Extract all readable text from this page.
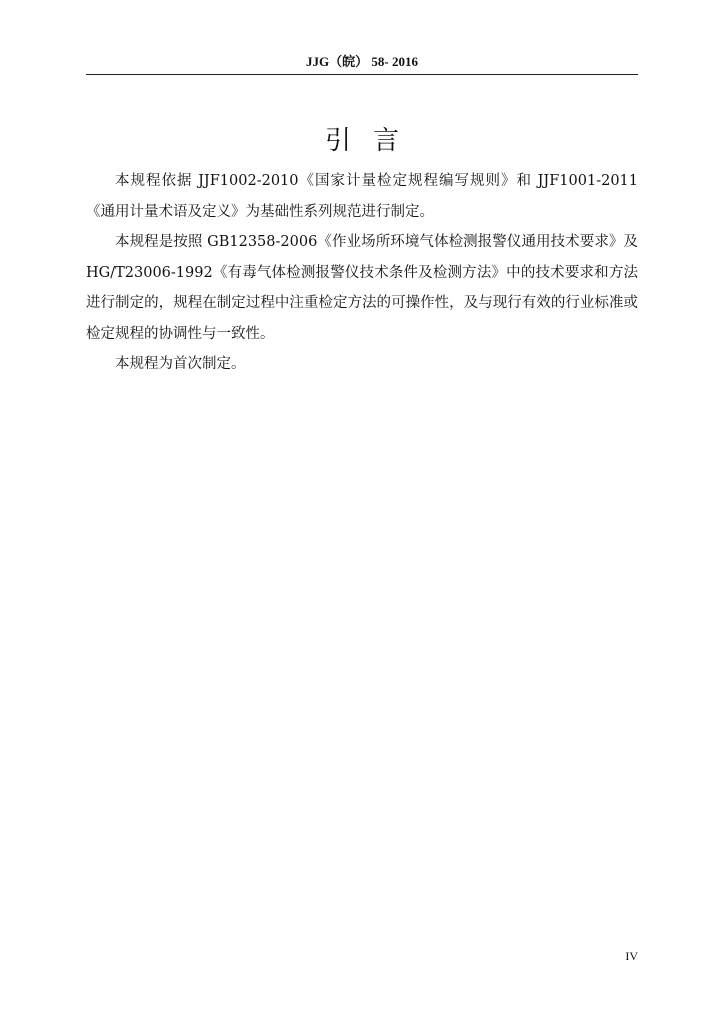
JJG（皖） 58- 2016
引言

本规程依据 JJF1002-2010《国家计量检定规程编写规则》和 JJF1001-2011《通用计量术语及定义》为基础性系列规范进行制定。

本规程是按照 GB12358-2006《作业场所环境气体检测报警仪通用技术要求》及 HG/T23006-1992《有毒气体检测报警仪技术条件及检测方法》中的技术要求和方法进行制定的，规程在制定过程中注重检定方法的可操作性，及与现行有效的行业标准或检定规程的协调性与一致性。

本规程为首次制定。

IV
